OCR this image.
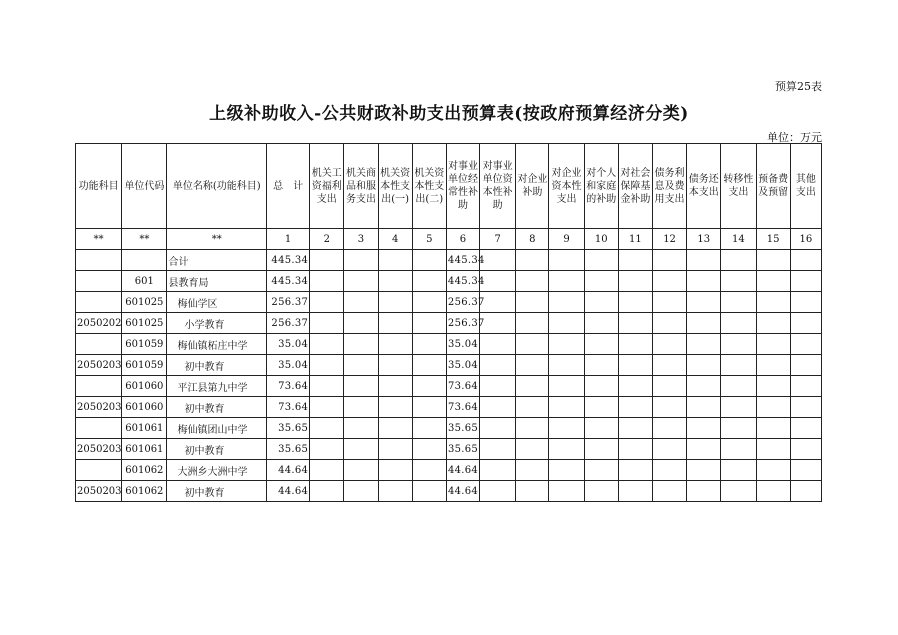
预算25表
上级补助收入-公共财政补助支出预算表(按政府预算经济分类)
单位：万元
功能科目	单位代码	单位名称(功能科目)	总　计	机关工资福利支出	机关商品和服务支出	机关资本性支出(一)	机关资本性支出(二)	对事业单位经常性补助	对事业单位资本性补助	对企业补助	对企业资本性支出	对个人和家庭的补助	对社会保障基金补助	债务利息及费用支出	债务还本支出	转移性支出	预备费及预留	其他支出
**	**	**	1	2	3	4	5	6	7	8	9	10	11	12	13	14	15	16
		合计	445.34					445.34										
	601	县教育局	445.34					445.34										
	601025	梅仙学区	256.37					256.37										
2050202	601025	小学教育	256.37					256.37										
	601059	梅仙镇柘庄中学	35.04					35.04										
2050203	601059	初中教育	35.04					35.04										
	601060	平江县第九中学	73.64					73.64										
2050203	601060	初中教育	73.64					73.64										
	601061	梅仙镇团山中学	35.65					35.65										
2050203	601061	初中教育	35.65					35.65										
	601062	大洲乡大洲中学	44.64					44.64										
2050203	601062	初中教育	44.64					44.64										
